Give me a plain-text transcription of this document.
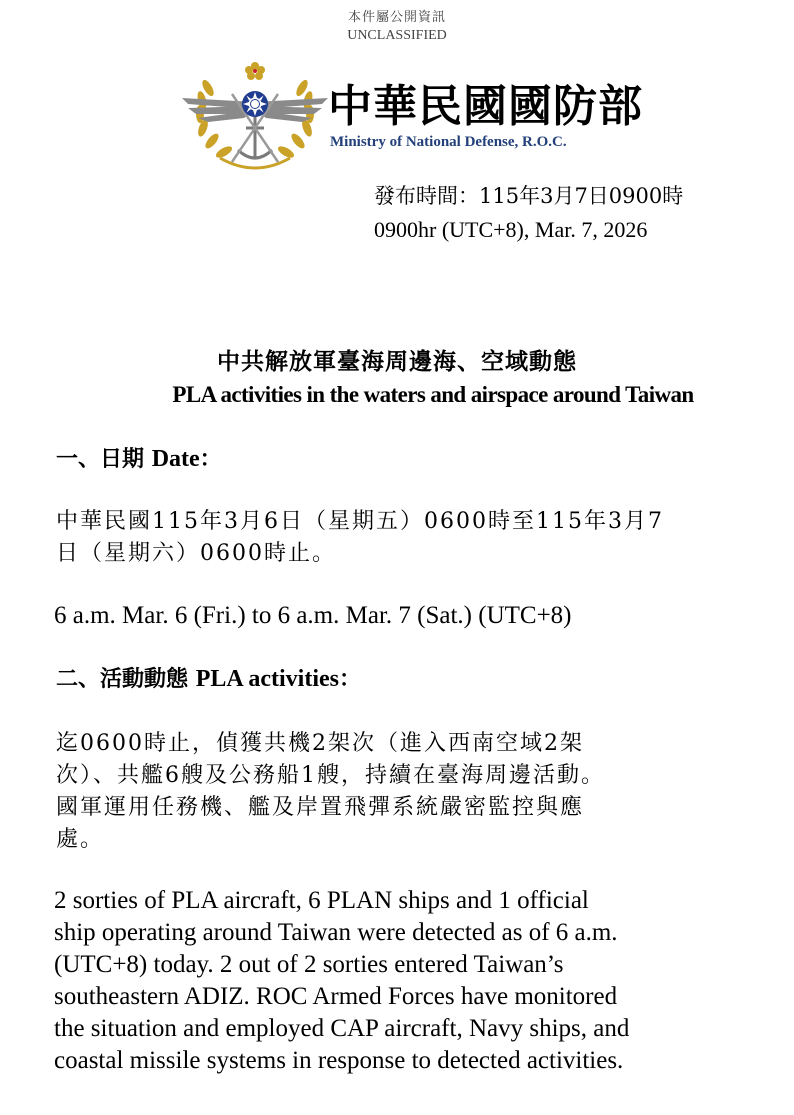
本件屬公開資訊
UNCLASSIFIED
中華民國國防部
Ministry of National Defense, R.O.C.
發布時間：115年3月7日0900時
0900hr (UTC+8), Mar. 7, 2026
中共解放軍臺海周邊海、空域動態
PLA activities in the waters and airspace around Taiwan
一、日期 Date：
中華民國115年3月6日（星期五）0600時至115年3月7
日（星期六）0600時止。
6 a.m. Mar. 6 (Fri.) to 6 a.m. Mar. 7 (Sat.) (UTC+8)
二、活動動態 PLA activities：
迄0600時止，偵獲共機2架次（進入西南空域2架
次）、共艦6艘及公務船1艘，持續在臺海周邊活動。
國軍運用任務機、艦及岸置飛彈系統嚴密監控與應
處。
2 sorties of PLA aircraft, 6 PLAN ships and 1 official
ship operating around Taiwan were detected as of 6 a.m.
(UTC+8) today. 2 out of 2 sorties entered Taiwan’s
southeastern ADIZ. ROC Armed Forces have monitored
the situation and employed CAP aircraft, Navy ships, and
coastal missile systems in response to detected activities.
